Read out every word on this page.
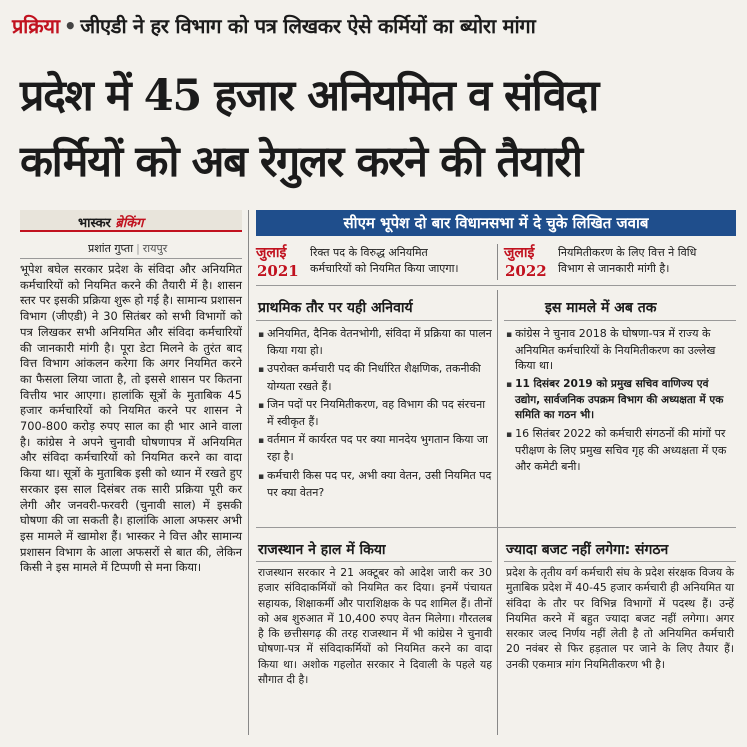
प्रक्रिया • जीएडी ने हर विभाग को पत्र लिखकर ऐसे कर्मियों का ब्योरा मांगा
प्रदेश में 45 हजार अनियमित व संविदा
कर्मियों को अब रेगुलर करने की तैयारी
भास्कर ब्रेकिंग
प्रशांत गुप्ता | रायपुर
सीएम भूपेश दो बार विधानसभा में दे चुके लिखित जवाब
जुलाई
2021
रिक्त पद के विरुद्ध अनियमित
कर्मचारियों को नियमित किया जाएगा।
जुलाई
2022
नियमितीकरण के लिए वित्त ने विधि
विभाग से जानकारी मांगी है।

भूपेश बघेल सरकार प्रदेश के संविदा और अनियमित कर्मचारियों को नियमित करने की तैयारी में है। शासन स्तर पर इसकी प्रक्रिया शुरू हो गई है। सामान्य प्रशासन विभाग (जीएडी) ने 30 सितंबर को सभी विभागों को पत्र लिखकर सभी अनियमित और संविदा कर्मचारियों की जानकारी मांगी है। पूरा डेटा मिलने के तुरंत बाद वित्त विभाग आंकलन करेगा कि अगर नियमित करने का फैसला लिया जाता है, तो इससे शासन पर कितना वित्तीय भार आएगा। हालांकि सूत्रों के मुताबिक 45 हजार कर्मचारियों को नियमित करने पर शासन ने 700-800 करोड़ रुपए साल का ही भार आने वाला है। कांग्रेस ने अपने चुनावी घोषणापत्र में अनियमित और संविदा कर्मचारियों को नियमित करने का वादा किया था। सूत्रों के मुताबिक इसी को ध्यान में रखते हुए सरकार इस साल दिसंबर तक सारी प्रक्रिया पूरी कर लेगी और जनवरी-फरवरी (चुनावी साल) में इसकी घोषणा की जा सकती है। हालांकि आला अफसर अभी इस मामले में खामोश हैं। भास्कर ने वित्त और सामान्य प्रशासन विभाग के आला अफसरों से बात की, लेकिन किसी ने इस मामले में टिप्पणी से मना किया।

प्राथमिक तौर पर यही अनिवार्य
▪ अनियमित, दैनिक वेतनभोगी, संविदा में प्रक्रिया का पालन किया गया हो।
▪ उपरोक्त कर्मचारी पद की निर्धारित शैक्षणिक, तकनीकी योग्यता रखते हैं।
▪ जिन पदों पर नियमितीकरण, वह विभाग की पद संरचना में स्वीकृत हैं।
▪ वर्तमान में कार्यरत पद पर क्या मानदेय भुगतान किया जा रहा है।
▪ कर्मचारी किस पद पर, अभी क्या वेतन, उसी नियमित पद पर क्या वेतन?
इस मामले में अब तक
▪ कांग्रेस ने चुनाव 2018 के घोषणा-पत्र में राज्य के अनियमित कर्मचारियों के नियमितीकरण का उल्लेख किया था।
▪ 11 दिसंबर 2019 को प्रमुख सचिव वाणिज्य एवं उद्योग, सार्वजनिक उपक्रम विभाग की अध्यक्षता में एक समिति का गठन भी।
▪ 16 सितंबर 2022 को कर्मचारी संगठनों की मांगों पर परीक्षण के लिए प्रमुख सचिव गृह की अध्यक्षता में एक और कमेटी बनी।
राजस्थान ने हाल में किया
राजस्थान सरकार ने 21 अक्टूबर को आदेश जारी कर 30 हजार संविदाकर्मियों को नियमित कर दिया। इनमें पंचायत सहायक, शिक्षाकर्मी और पाराशिक्षक के पद शामिल हैं। तीनों को अब शुरुआत में 10,400 रुपए वेतन मिलेगा। गौरतलब है कि छत्तीसगढ़ की तरह राजस्थान में भी कांग्रेस ने चुनावी घोषणा-पत्र में संविदाकर्मियों को नियमित करने का वादा किया था। अशोक गहलोत सरकार ने दिवाली के पहले यह सौगात दी है।
ज्यादा बजट नहीं लगेगा: संगठन
प्रदेश के तृतीय वर्ग कर्मचारी संघ के प्रदेश संरक्षक विजय के मुताबिक प्रदेश में 40-45 हजार कर्मचारी ही अनियमित या संविदा के तौर पर विभिन्न विभागों में पदस्थ हैं। उन्हें नियमित करने में बहुत ज्यादा बजट नहीं लगेगा। अगर सरकार जल्द निर्णय नहीं लेती है तो अनियमित कर्मचारी 20 नवंबर से फिर हड़ताल पर जाने के लिए तैयार हैं। उनकी एकमात्र मांग नियमितीकरण भी है।
